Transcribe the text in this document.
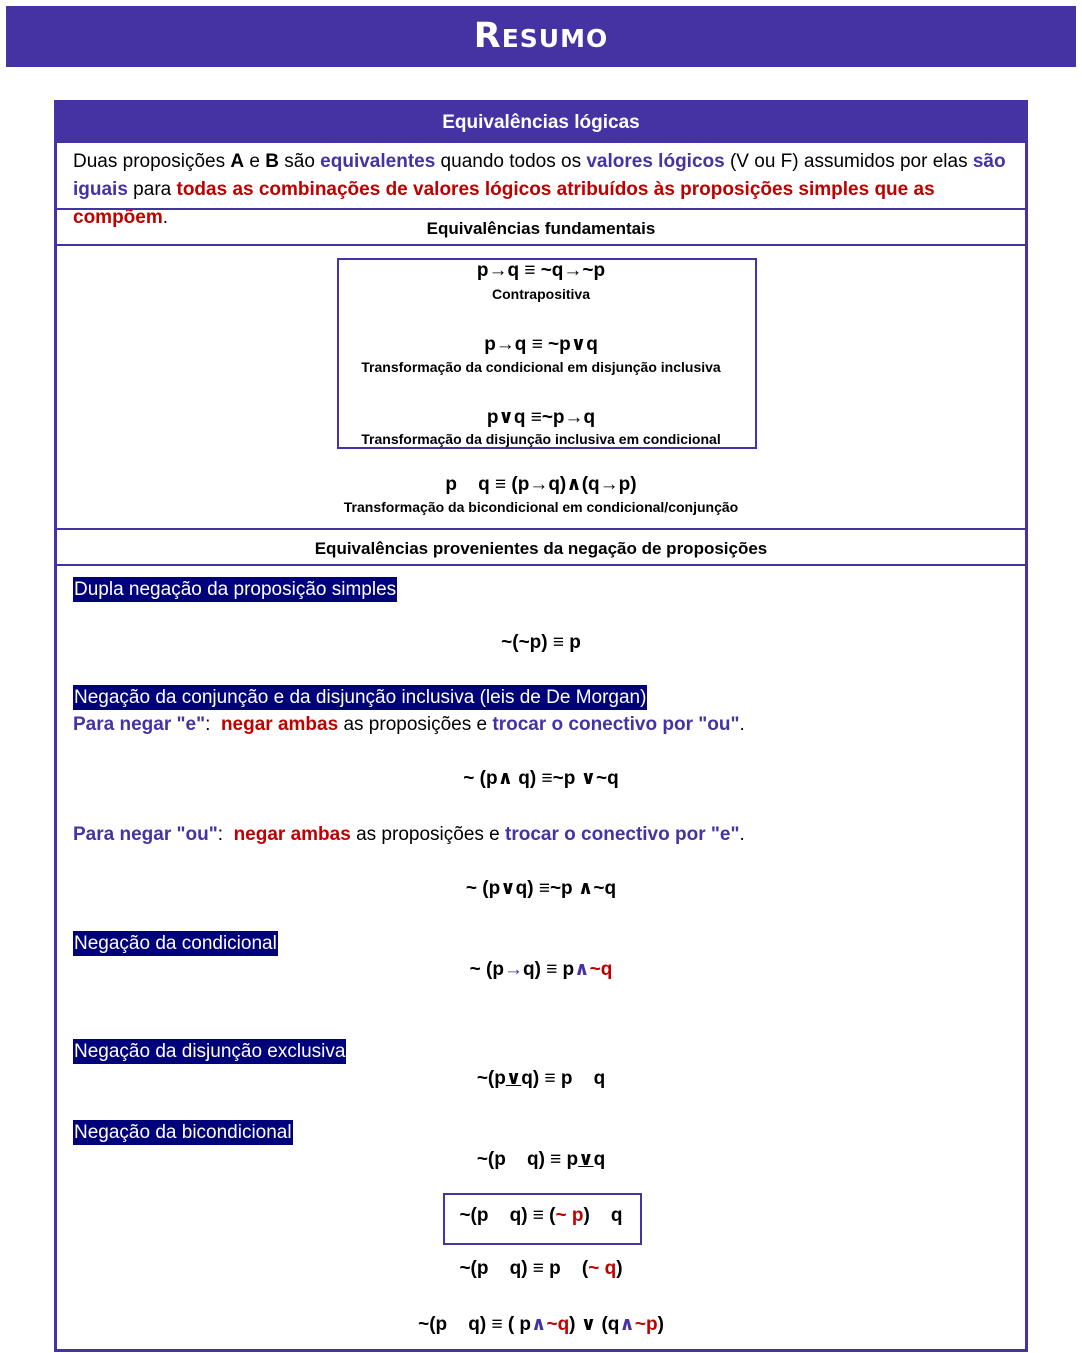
Resumo
Equivalências lógicas
Duas proposições A e B são equivalentes quando todos os valores lógicos (V ou F) assumidos por elas são iguais para todas as combinações de valores lógicos atribuídos às proposições simples que as compõem.
Equivalências fundamentais
p→q ≡ ~q→~p
Contrapositiva
p→q ≡ ~p∨q
Transformação da condicional em disjunção inclusiva
p∨q ≡~p→q
Transformação da disjunção inclusiva em condicional
p    q ≡ (p→q)∧(q→p)
Transformação da bicondicional em condicional/conjunção
Equivalências provenientes da negação de proposições
Dupla negação da proposição simples
~(~p) ≡ p
Negação da conjunção e da disjunção inclusiva (leis de De Morgan)
Para negar "e":  negar ambas as proposições e trocar o conectivo por "ou".
~ (p∧ q) ≡~p ∨~q
Para negar "ou":  negar ambas as proposições e trocar o conectivo por "e".
~ (p∨q) ≡~p ∧~q
Negação da condicional
~ (p→q) ≡ p∧~q
Negação da disjunção exclusiva
~(p∨q) ≡ p    q
Negação da bicondicional
~(p    q) ≡ p∨q
~(p    q) ≡ (~ p)    q
~(p    q) ≡ p    (~ q)
~(p    q) ≡ ( p∧~q) ∨ (q∧~p)
